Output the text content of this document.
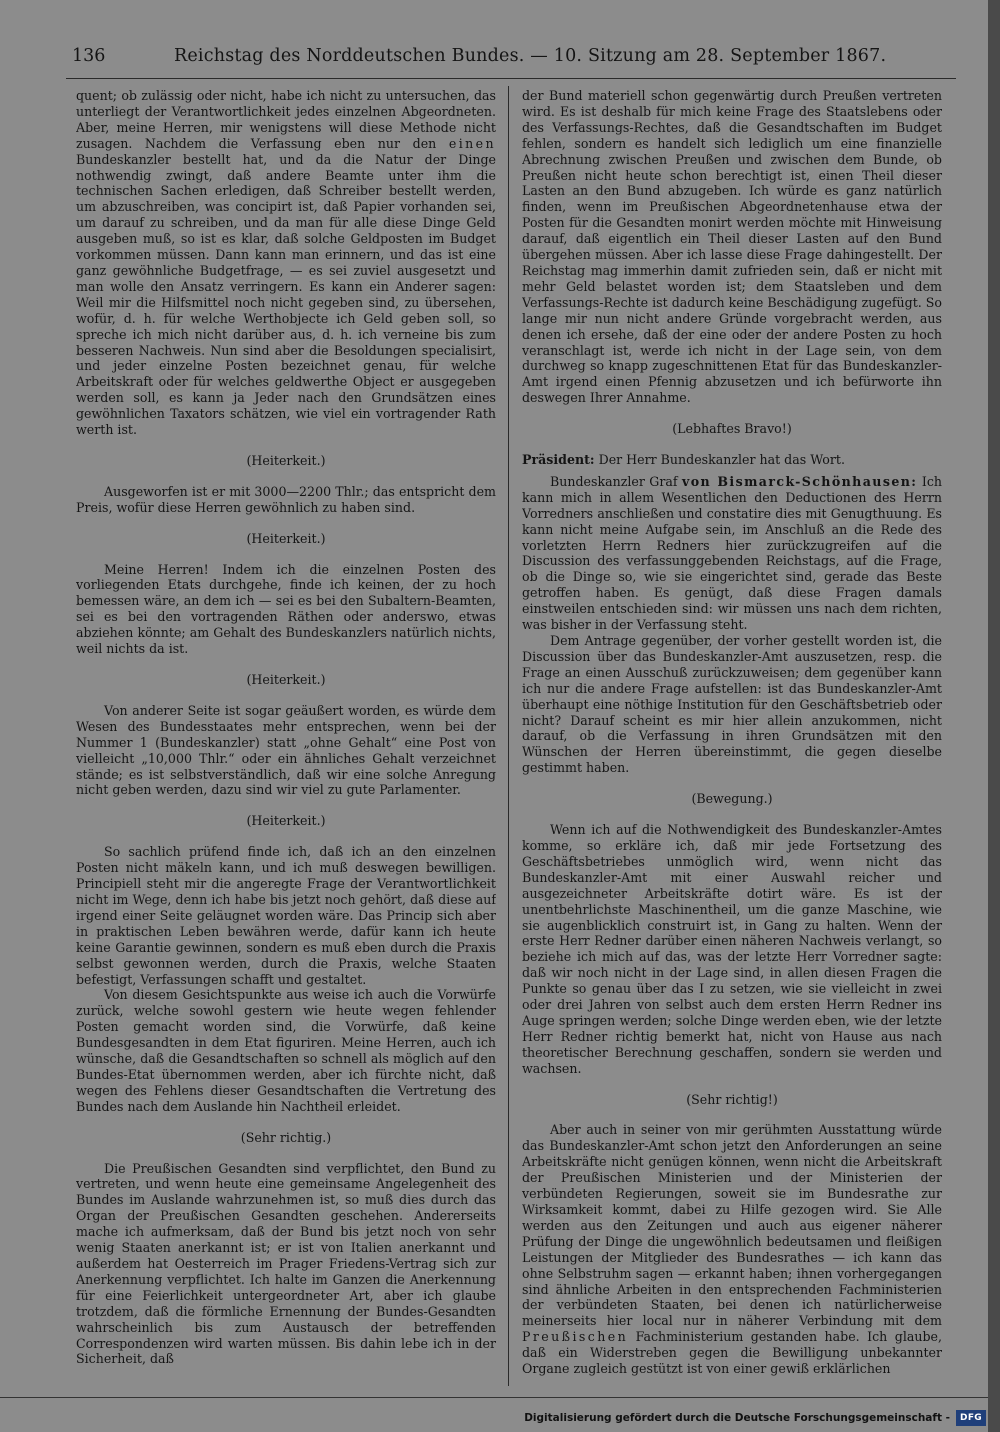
136	Reichstag des Norddeutschen Bundes. — 10. Sitzung am 28. September 1867.

quent; ob zulässig oder nicht, habe ich nicht zu untersuchen, das unterliegt der Verantwortlichkeit jedes einzelnen Abgeordneten. Aber, meine Herren, mir wenigstens will diese Methode nicht zusagen. Nachdem die Verfassung eben nur den einen Bundeskanzler bestellt hat, und da die Natur der Dinge nothwendig zwingt, daß andere Beamte unter ihm die technischen Sachen erledigen, daß Schreiber bestellt werden, um abzuschreiben, was concipirt ist, daß Papier vorhanden sei, um darauf zu schreiben, und da man für alle diese Dinge Geld ausgeben muß, so ist es klar, daß solche Geldposten im Budget vorkommen müssen. Dann kann man erinnern, und das ist eine ganz gewöhnliche Budgetfrage, — es sei zuviel ausgesetzt und man wolle den Ansatz verringern. Es kann ein Anderer sagen: Weil mir die Hilfsmittel noch nicht gegeben sind, zu übersehen, wofür, d. h. für welche Werthobjecte ich Geld geben soll, so spreche ich mich nicht darüber aus, d. h. ich verneine bis zum besseren Nachweis. Nun sind aber die Besoldungen specialisirt, und jeder einzelne Posten bezeichnet genau, für welche Arbeitskraft oder für welches geldwerthe Object er ausgegeben werden soll, es kann ja Jeder nach den Grundsätzen eines gewöhnlichen Taxators schätzen, wie viel ein vortragender Rath werth ist.

(Heiterkeit.)

Ausgeworfen ist er mit 3000—2200 Thlr.; das entspricht dem Preis, wofür diese Herren gewöhnlich zu haben sind.

(Heiterkeit.)

Meine Herren! Indem ich die einzelnen Posten des vorliegenden Etats durchgehe, finde ich keinen, der zu hoch bemessen wäre, an dem ich — sei es bei den Subaltern-Beamten, sei es bei den vortragenden Räthen oder anderswo, etwas abziehen könnte; am Gehalt des Bundeskanzlers natürlich nichts, weil nichts da ist.

(Heiterkeit.)

Von anderer Seite ist sogar geäußert worden, es würde dem Wesen des Bundesstaates mehr entsprechen, wenn bei der Nummer 1 (Bundeskanzler) statt „ohne Gehalt“ eine Post von vielleicht „10,000 Thlr.“ oder ein ähnliches Gehalt verzeichnet stände; es ist selbstverständlich, daß wir eine solche Anregung nicht geben werden, dazu sind wir viel zu gute Parlamenter.

(Heiterkeit.)

So sachlich prüfend finde ich, daß ich an den einzelnen Posten nicht mäkeln kann, und ich muß deswegen bewilligen. Principiell steht mir die angeregte Frage der Verantwortlichkeit nicht im Wege, denn ich habe bis jetzt noch gehört, daß diese auf irgend einer Seite geläugnet worden wäre. Das Princip sich aber in praktischen Leben bewähren werde, dafür kann ich heute keine Garantie gewinnen, sondern es muß eben durch die Praxis selbst gewonnen werden, durch die Praxis, welche Staaten befestigt, Verfassungen schafft und gestaltet.

Von diesem Gesichtspunkte aus weise ich auch die Vorwürfe zurück, welche sowohl gestern wie heute wegen fehlender Posten gemacht worden sind, die Vorwürfe, daß keine Bundesgesandten in dem Etat figuriren. Meine Herren, auch ich wünsche, daß die Gesandtschaften so schnell als möglich auf den Bundes-Etat übernommen werden, aber ich fürchte nicht, daß wegen des Fehlens dieser Gesandtschaften die Vertretung des Bundes nach dem Auslande hin Nachtheil erleidet.

(Sehr richtig.)

Die Preußischen Gesandten sind verpflichtet, den Bund zu vertreten, und wenn heute eine gemeinsame Angelegenheit des Bundes im Auslande wahrzunehmen ist, so muß dies durch das Organ der Preußischen Gesandten geschehen. Andererseits mache ich aufmerksam, daß der Bund bis jetzt noch von sehr wenig Staaten anerkannt ist; er ist von Italien anerkannt und außerdem hat Oesterreich im Prager Friedens-Vertrag sich zur Anerkennung verpflichtet. Ich halte im Ganzen die Anerkennung für eine Feierlichkeit untergeordneter Art, aber ich glaube trotzdem, daß die förmliche Ernennung der Bundes-Gesandten wahrscheinlich bis zum Austausch der betreffenden Correspondenzen wird warten müssen. Bis dahin lebe ich in der Sicherheit, daß

der Bund materiell schon gegenwärtig durch Preußen vertreten wird. Es ist deshalb für mich keine Frage des Staatslebens oder des Verfassungs-Rechtes, daß die Gesandtschaften im Budget fehlen, sondern es handelt sich lediglich um eine finanzielle Abrechnung zwischen Preußen und zwischen dem Bunde, ob Preußen nicht heute schon berechtigt ist, einen Theil dieser Lasten an den Bund abzugeben. Ich würde es ganz natürlich finden, wenn im Preußischen Abgeordnetenhause etwa der Posten für die Gesandten monirt werden möchte mit Hinweisung darauf, daß eigentlich ein Theil dieser Lasten auf den Bund übergehen müssen. Aber ich lasse diese Frage dahingestellt. Der Reichstag mag immerhin damit zufrieden sein, daß er nicht mit mehr Geld belastet worden ist; dem Staatsleben und dem Verfassungs-Rechte ist dadurch keine Beschädigung zugefügt. So lange mir nun nicht andere Gründe vorgebracht werden, aus denen ich ersehe, daß der eine oder der andere Posten zu hoch veranschlagt ist, werde ich nicht in der Lage sein, von dem durchweg so knapp zugeschnittenen Etat für das Bundeskanzler-Amt irgend einen Pfennig abzusetzen und ich befürworte ihn deswegen Ihrer Annahme.

(Lebhaftes Bravo!)

Präsident: Der Herr Bundeskanzler hat das Wort.

Bundeskanzler Graf von Bismarck-Schönhausen: Ich kann mich in allem Wesentlichen den Deductionen des Herrn Vorredners anschließen und constatire dies mit Genugthuung. Es kann nicht meine Aufgabe sein, im Anschluß an die Rede des vorletzten Herrn Redners hier zurückzugreifen auf die Discussion des verfassunggebenden Reichstags, auf die Frage, ob die Dinge so, wie sie eingerichtet sind, gerade das Beste getroffen haben. Es genügt, daß diese Fragen damals einstweilen entschieden sind: wir müssen uns nach dem richten, was bisher in der Verfassung steht.

Dem Antrage gegenüber, der vorher gestellt worden ist, die Discussion über das Bundeskanzler-Amt auszusetzen, resp. die Frage an einen Ausschuß zurückzuweisen; dem gegenüber kann ich nur die andere Frage aufstellen: ist das Bundeskanzler-Amt überhaupt eine nöthige Institution für den Geschäftsbetrieb oder nicht? Darauf scheint es mir hier allein anzukommen, nicht darauf, ob die Verfassung in ihren Grundsätzen mit den Wünschen der Herren übereinstimmt, die gegen dieselbe gestimmt haben.

(Bewegung.)

Wenn ich auf die Nothwendigkeit des Bundeskanzler-Amtes komme, so erkläre ich, daß mir jede Fortsetzung des Geschäftsbetriebes unmöglich wird, wenn nicht das Bundeskanzler-Amt mit einer Auswahl reicher und ausgezeichneter Arbeitskräfte dotirt wäre. Es ist der unentbehrlichste Maschinentheil, um die ganze Maschine, wie sie augenblicklich construirt ist, in Gang zu halten. Wenn der erste Herr Redner darüber einen näheren Nachweis verlangt, so beziehe ich mich auf das, was der letzte Herr Vorredner sagte: daß wir noch nicht in der Lage sind, in allen diesen Fragen die Punkte so genau über das I zu setzen, wie sie vielleicht in zwei oder drei Jahren von selbst auch dem ersten Herrn Redner ins Auge springen werden; solche Dinge werden eben, wie der letzte Herr Redner richtig bemerkt hat, nicht von Hause aus nach theoretischer Berechnung geschaffen, sondern sie werden und wachsen.

(Sehr richtig!)

Aber auch in seiner von mir gerühmten Ausstattung würde das Bundeskanzler-Amt schon jetzt den Anforderungen an seine Arbeitskräfte nicht genügen können, wenn nicht die Arbeitskraft der Preußischen Ministerien und der Ministerien der verbündeten Regierungen, soweit sie im Bundesrathe zur Wirksamkeit kommt, dabei zu Hilfe gezogen wird. Sie Alle werden aus den Zeitungen und auch aus eigener näherer Prüfung der Dinge die ungewöhnlich bedeutsamen und fleißigen Leistungen der Mitglieder des Bundesrathes — ich kann das ohne Selbstruhm sagen — erkannt haben; ihnen vorhergegangen sind ähnliche Arbeiten in den entsprechenden Fachministerien der verbündeten Staaten, bei denen ich natürlicherweise meinerseits hier local nur in näherer Verbindung mit dem Preußischen Fachministerium gestanden habe. Ich glaube, daß ein Widerstreben gegen die Bewilligung unbekannter Organe zugleich gestützt ist von einer gewiß erklärlichen

Digitalisierung gefördert durch die Deutsche Forschungsgemeinschaft -	DFG
